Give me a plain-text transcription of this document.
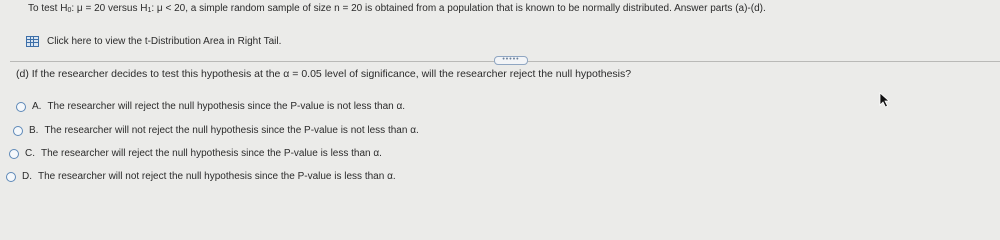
To test H0: μ = 20 versus H1: μ < 20, a simple random sample of size n = 20 is obtained from a population that is known to be normally distributed. Answer parts (a)-(d).
Click here to view the t-Distribution Area in Right Tail.
•••••
(d) If the researcher decides to test this hypothesis at the α = 0.05 level of significance, will the researcher reject the null hypothesis?
A. The researcher will reject the null hypothesis since the P-value is not less than α.
B. The researcher will not reject the null hypothesis since the P-value is not less than α.
C. The researcher will reject the null hypothesis since the P-value is less than α.
D. The researcher will not reject the null hypothesis since the P-value is less than α.
